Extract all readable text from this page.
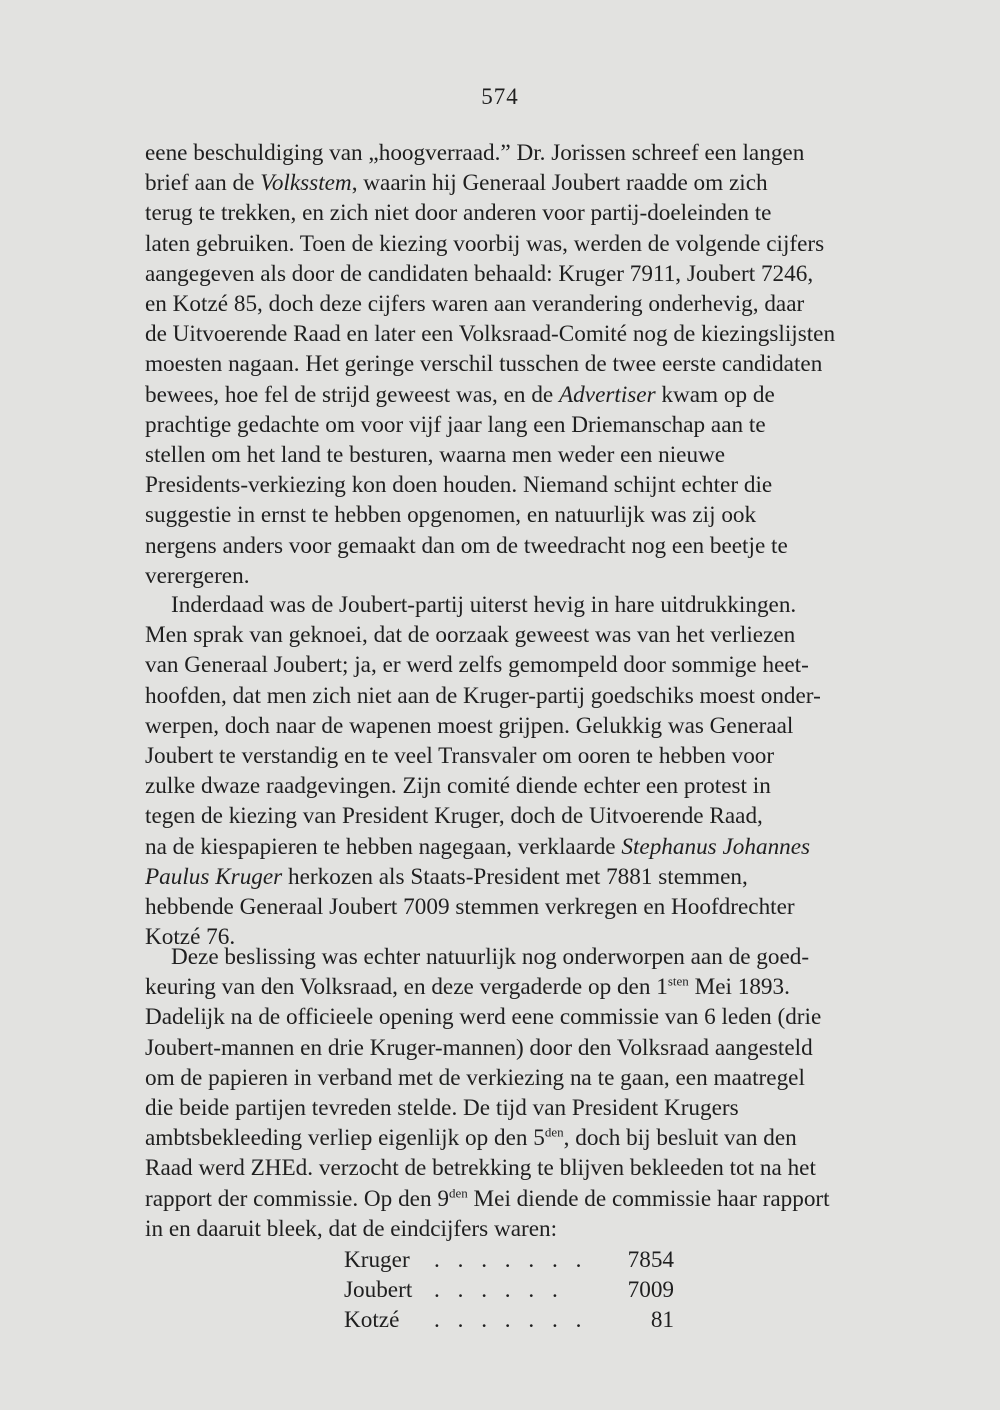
574

eene beschuldiging van „hoogverraad.” Dr. Jorissen schreef een langen
brief aan de Volksstem, waarin hij Generaal Joubert raadde om zich
terug te trekken, en zich niet door anderen voor partij-doeleinden te
laten gebruiken. Toen de kiezing voorbij was, werden de volgende cijfers
aangegeven als door de candidaten behaald: Kruger 7911, Joubert 7246,
en Kotzé 85, doch deze cijfers waren aan verandering onderhevig, daar
de Uitvoerende Raad en later een Volksraad-Comité nog de kiezingslijsten
moesten nagaan. Het geringe verschil tusschen de twee eerste candidaten
bewees, hoe fel de strijd geweest was, en de Advertiser kwam op de
prachtige gedachte om voor vijf jaar lang een Driemanschap aan te
stellen om het land te besturen, waarna men weder een nieuwe
Presidents-verkiezing kon doen houden. Niemand schijnt echter die
suggestie in ernst te hebben opgenomen, en natuurlijk was zij ook
nergens anders voor gemaakt dan om de tweedracht nog een beetje te
verergeren.

Inderdaad was de Joubert-partij uiterst hevig in hare uitdrukkingen.
Men sprak van geknoei, dat de oorzaak geweest was van het verliezen
van Generaal Joubert; ja, er werd zelfs gemompeld door sommige heet-
hoofden, dat men zich niet aan de Kruger-partij goedschiks moest onder-
werpen, doch naar de wapenen moest grijpen. Gelukkig was Generaal
Joubert te verstandig en te veel Transvaler om ooren te hebben voor
zulke dwaze raadgevingen. Zijn comité diende echter een protest in
tegen de kiezing van President Kruger, doch de Uitvoerende Raad,
na de kiespapieren te hebben nagegaan, verklaarde Stephanus Johannes
Paulus Kruger herkozen als Staats-President met 7881 stemmen,
hebbende Generaal Joubert 7009 stemmen verkregen en Hoofdrechter
Kotzé 76.

Deze beslissing was echter natuurlijk nog onderworpen aan de goed-
keuring van den Volksraad, en deze vergaderde op den $1^{sten}$ Mei 1893.
Dadelijk na de officieele opening werd eene commissie van 6 leden (drie
Joubert-mannen en drie Kruger-mannen) door den Volksraad aangesteld
om de papieren in verband met de verkiezing na te gaan, een maatregel
die beide partijen tevreden stelde. De tijd van President Krugers
ambtsbekleeding verliep eigenlijk op den $5^{den}$, doch bij besluit van den
Raad werd ZHEd. verzocht de betrekking te blijven bekleeden tot na het
rapport der commissie. Op den $9^{den}$ Mei diende de commissie haar rapport
in en daaruit bleek, dat de eindcijfers waren:

Kruger	. . . . . . .	7854
Joubert . . . . . .	7009
Kotzé	. . . . . . .	81
